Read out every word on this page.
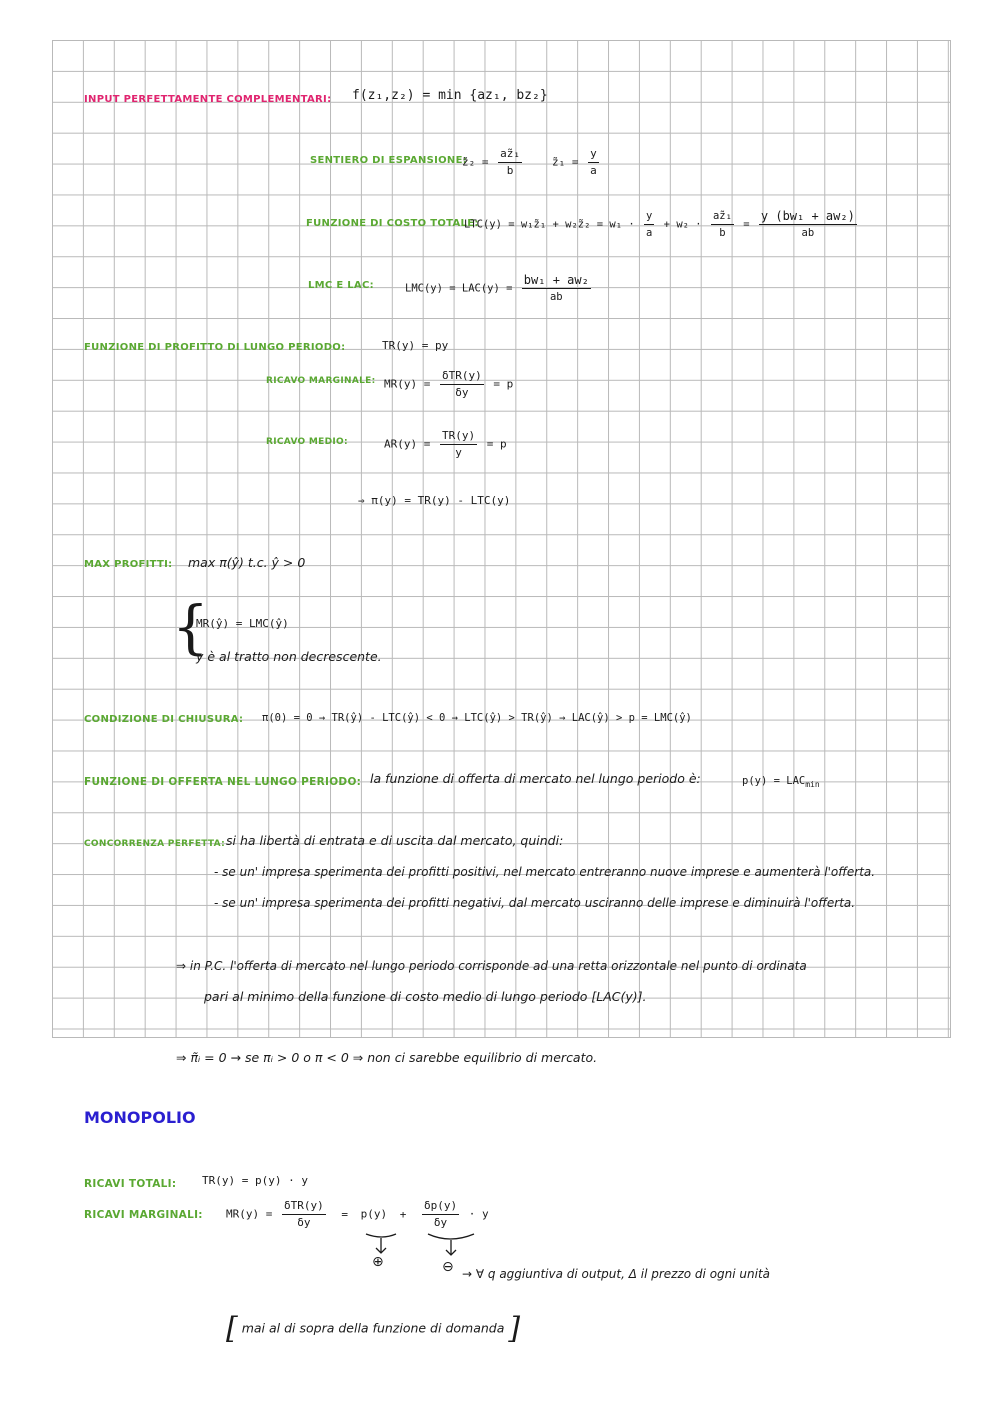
INPUT PERFETTAMENTE COMPLEMENTARI: f(z₁,z₂) = min {az₁, bz₂}
SENTIERO DI ESPANSIONE:
z̃₂ = $\frac{\text{az̃₁}}{b}$	z̃₁ = $\frac{y}{a}$
FUNZIONE DI COSTO TOTALE:
LTC(y) = w₁z̃₁ + w₂z̃₂ = $w_1 \cdot \frac{y}{a} + w_2 \cdot \frac{\text{az̃₁}}{b} = \frac{\text{y (bw₁ + aw₂)}}{ab}$
LMC E LAC:	$LMC(y) = LAC(y) = \frac{\text{bw₁ + aw₂}}{ab}$
FUNZIONE DI PROFITTO DI LUNGO PERIODO:	TR(y) = py
RICAVO MARGINALE: $MR(y) = \frac{\text{δTR(y)}}{\delta y} = p$
RICAVO MEDIO:	$AR(y) = \frac{TR(y)}{y} = p$
⇒ π(y) = TR(y) - LTC(y)
MAX PROFITTI: max π(ŷ) t.c. ŷ > 0
{
MR(ŷ) = LMC(ŷ)
y è al tratto non decrescente.
CONDIZIONE DI CHIUSURA: π(0) = 0 → TR(ŷ) - LTC(ŷ) < 0 → LTC(ŷ) > TR(ŷ) → LAC(ŷ) > p = LMC(ŷ)
FUNZIONE DI OFFERTA NEL LUNGO PERIODO: la funzione di offerta di mercato nel lungo periodo è:	$p(y) = LAC_{min}$
CONCORRENZA PERFETTA: si ha libertà di entrata e di uscita dal mercato, quindi:
- se un' impresa sperimenta dei profitti positivi, nel mercato entreranno nuove imprese e aumenterà l'offerta.
- se un' impresa sperimenta dei profitti negativi, dal mercato usciranno delle imprese e diminuirà l'offerta.
⇒ in P.C. l'offerta di mercato nel lungo periodo corrisponde ad una retta orizzontale nel punto di ordinata
pari al minimo della funzione di costo medio di lungo periodo [LAC(y)].
⇒ π̃ᵢ = 0 → se πᵢ > 0 o π < 0 ⇒ non ci sarebbe equilibrio di mercato.
MONOPOLIO
RICAVI TOTALI: TR(y) = p(y) · y
RICAVI MARGINALI: $MR(y) = \frac{\text{δTR(y)}}{\delta y} = p(y) + \frac{\delta p(y)}{\delta y} \cdot y$
⊕	⊖ → ∀ q aggiuntiva di output, Δ il prezzo di ogni unità
[ mai al di sopra della funzione di domanda ]
